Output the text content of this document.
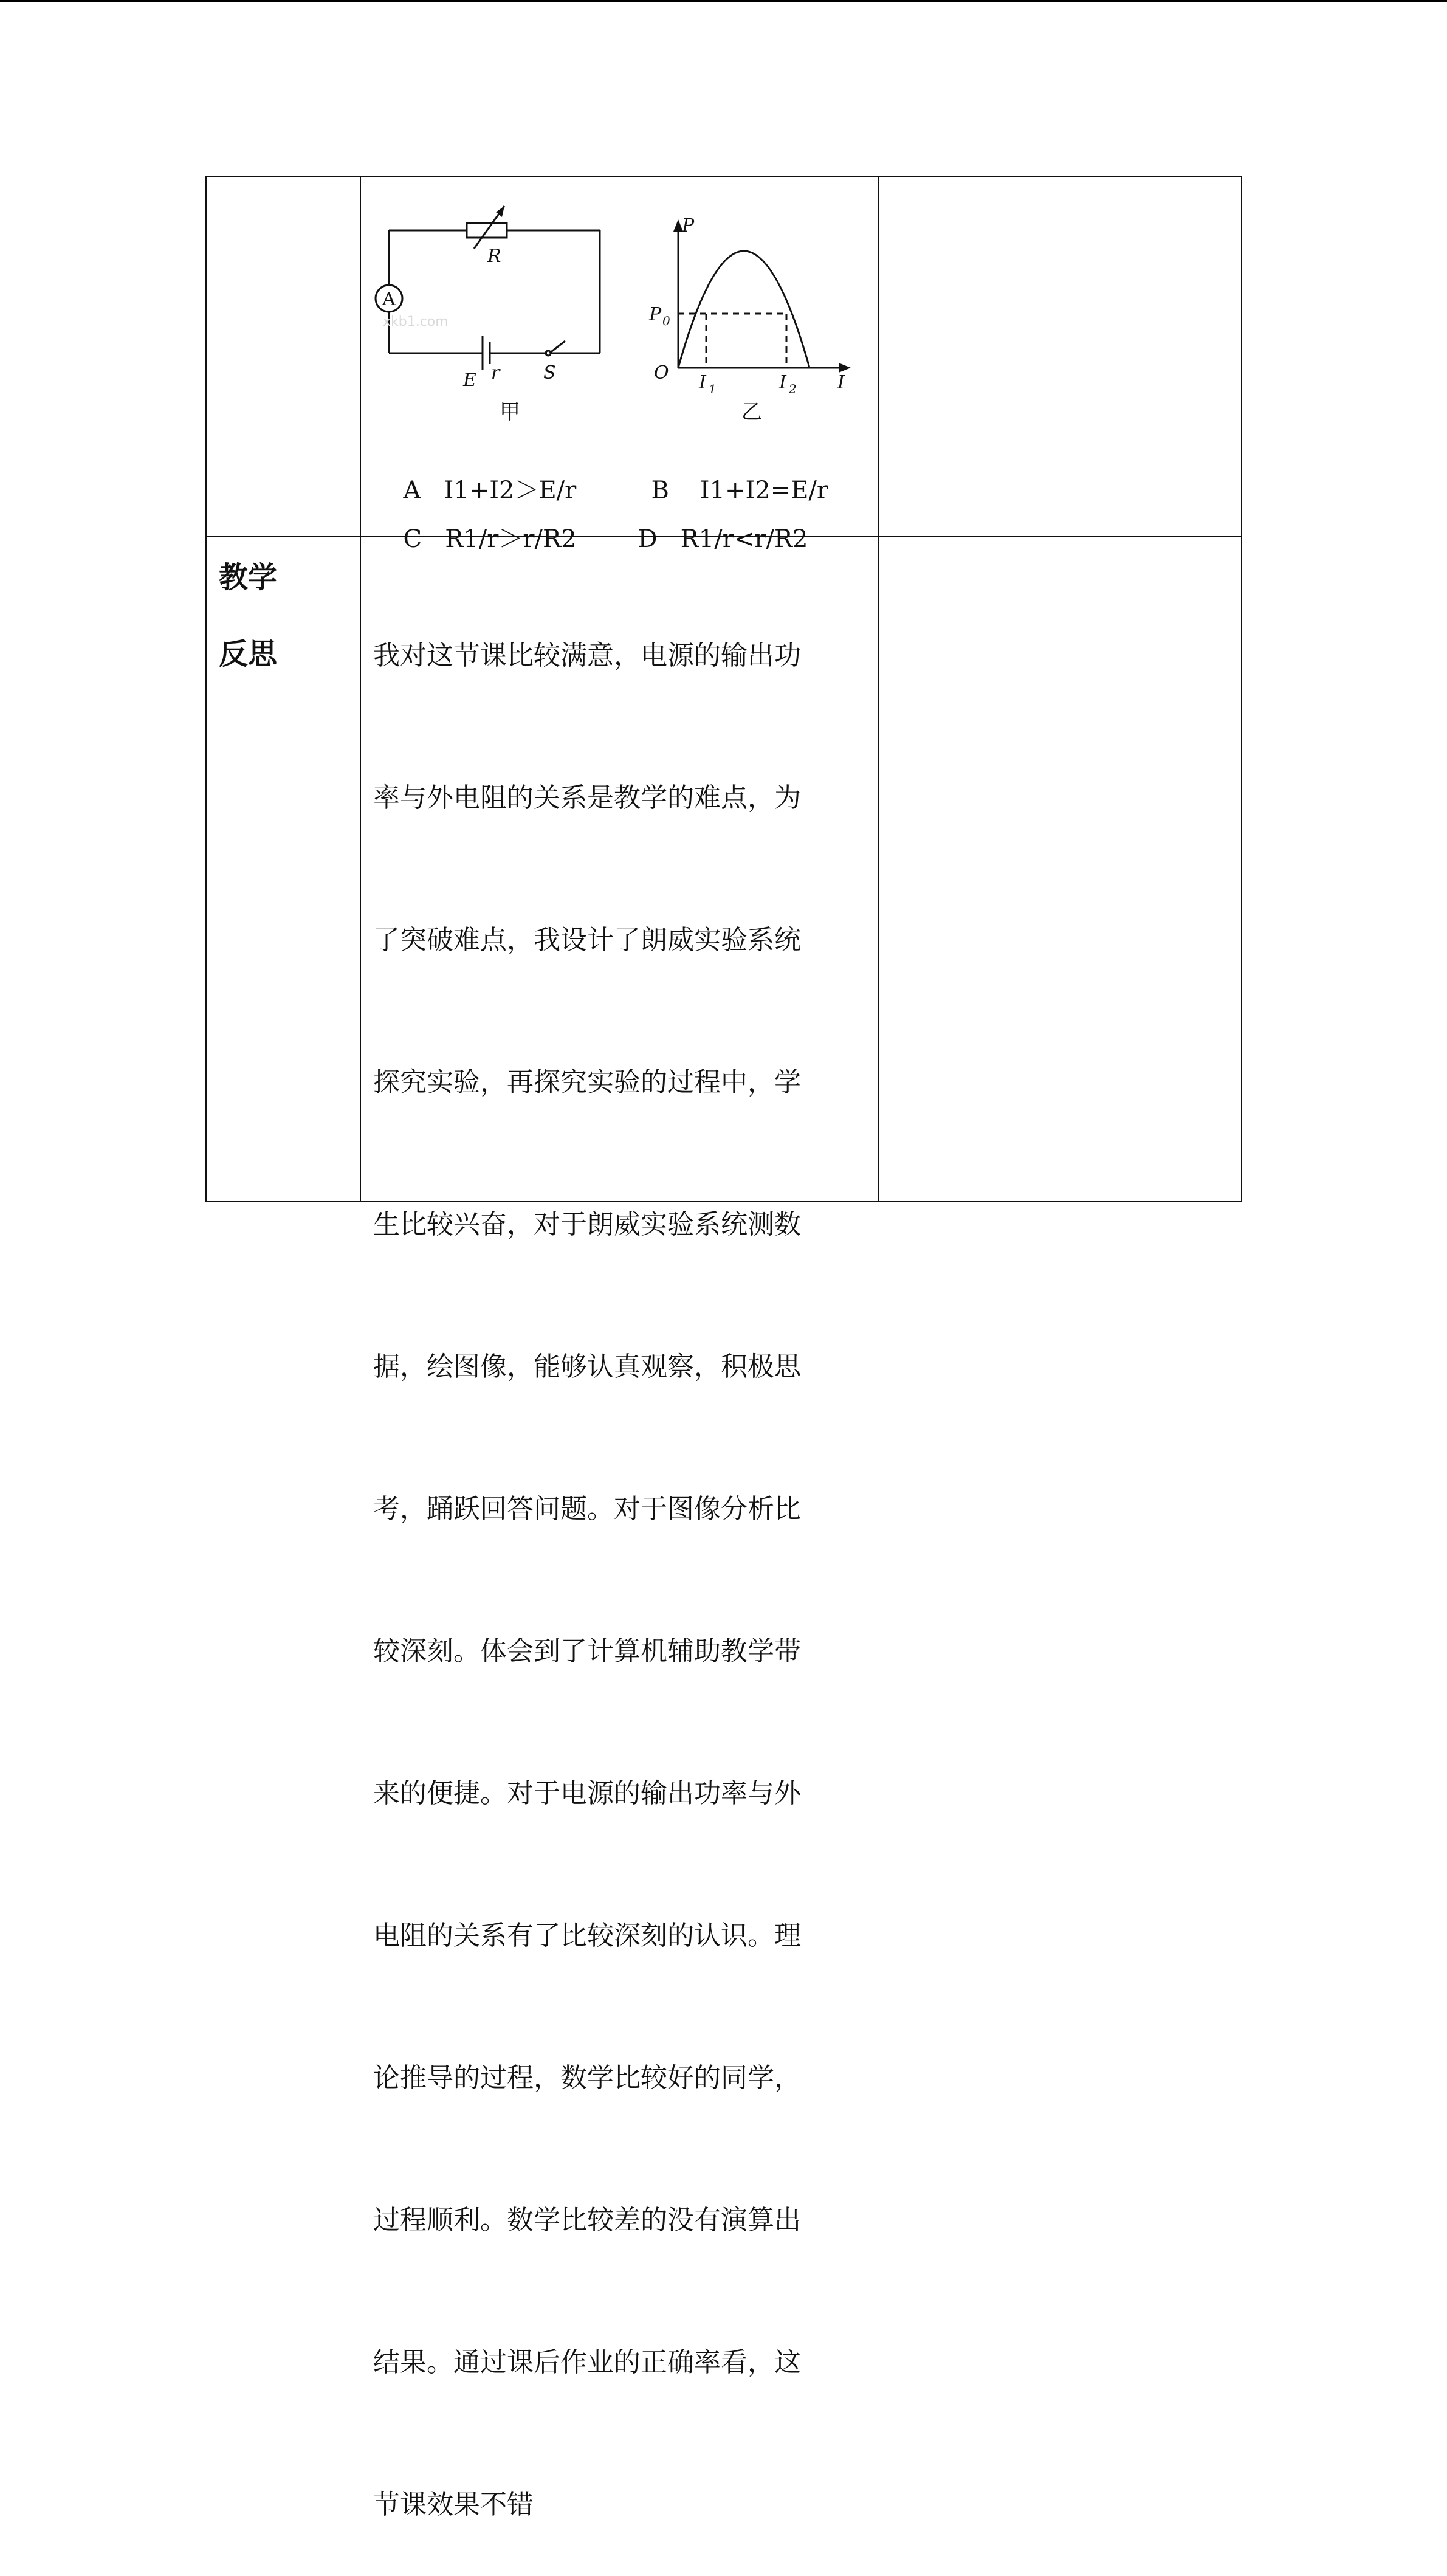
A
xkb1.com
R
E r S
甲
P
I
O
P 0
I 1	I 2
乙

A   I1+I2＞E/r	B    I1+I2=E/r

C   R1/r＞r/R2	D   R1/r<r/R2

教学
反思

	我对这节课比较满意，电源的输出功

率与外电阻的关系是教学的难点，为

了突破难点，我设计了朗威实验系统

探究实验，再探究实验的过程中，学

生比较兴奋，对于朗威实验系统测数

据，绘图像，能够认真观察，积极思

考，踊跃回答问题。对于图像分析比

较深刻。体会到了计算机辅助教学带

来的便捷。对于电源的输出功率与外

电阻的关系有了比较深刻的认识。理

论推导的过程，数学比较好的同学，

过程顺利。数学比较差的没有演算出

结果。通过课后作业的正确率看，这

节课效果不错
